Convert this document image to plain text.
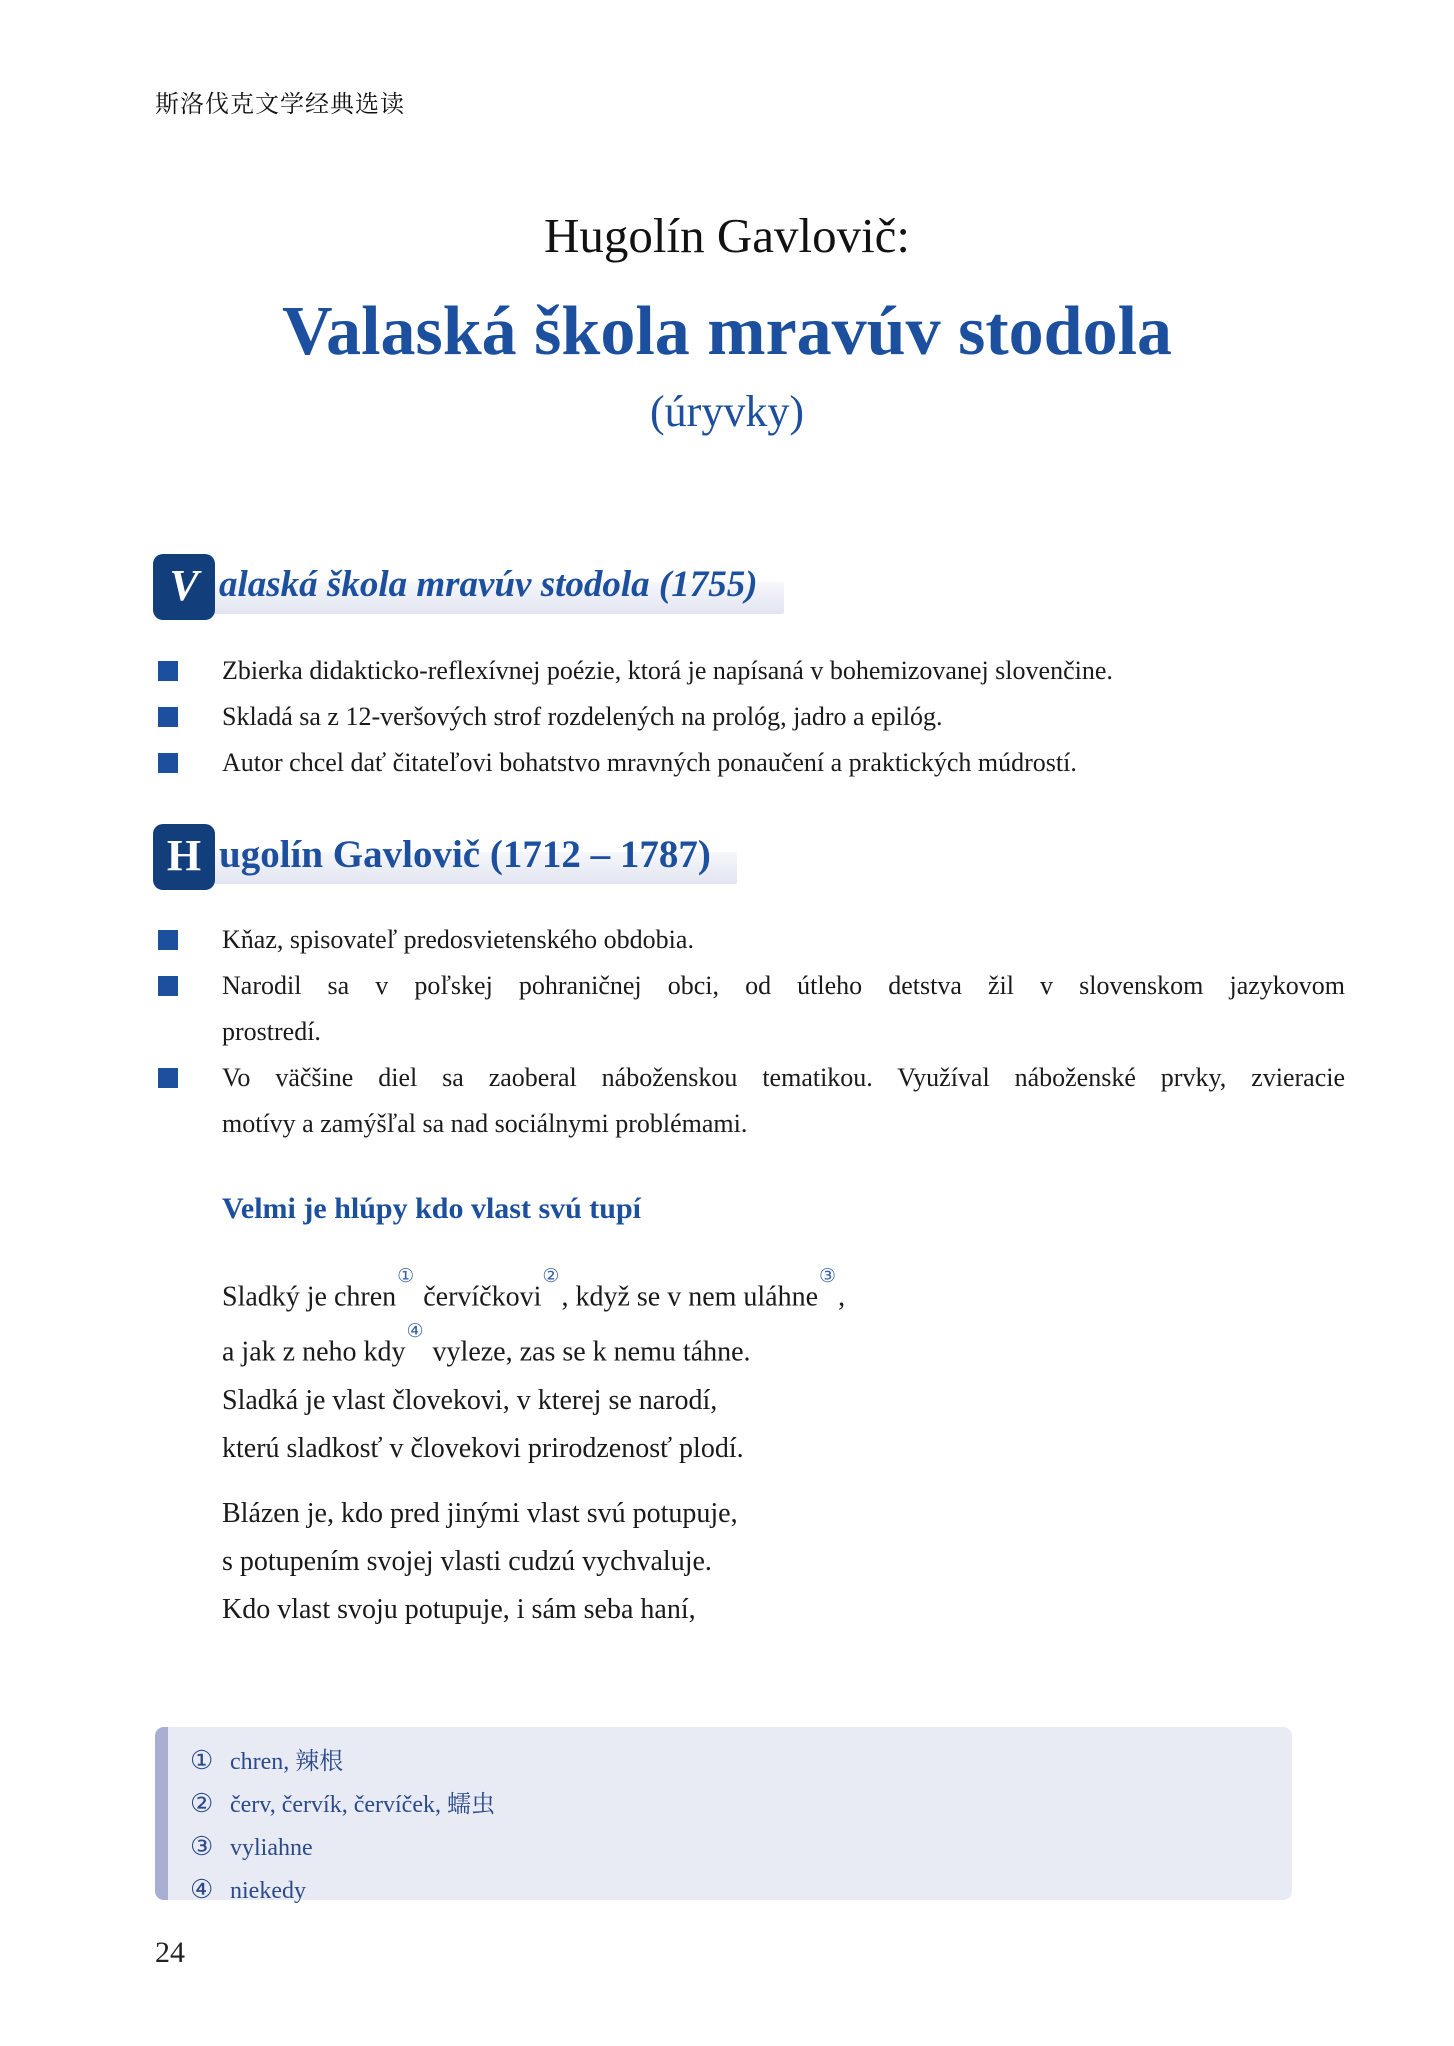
斯洛伐克文学经典选读
Hugolín Gavlovič:
Valaská škola mravúv stodola
(úryvky)
V alaská škola mravúv stodola (1755)
Zbierka didakticko-reflexívnej poézie, ktorá je napísaná v bohemizovanej slovenčine.
Skladá sa z 12-veršových strof rozdelených na prológ, jadro a epilóg.
Autor chcel dať čitateľovi bohatstvo mravných ponaučení a praktických múdrostí.
H ugolín Gavlovič (1712 – 1787)
Kňaz, spisovateľ predosvietenského obdobia.
Narodil sa v poľskej pohraničnej obci, od útleho detstva žil v slovenskom jazykovom
prostredí.
Vo väčšine diel sa zaoberal náboženskou tematikou. Využíval náboženské prvky, zvieracie
motívy a zamýšľal sa nad sociálnymi problémami.
Velmi je hlúpy kdo vlast svú tupí
Sladký je chren① červíčkovi②, když se v nem uláhne③,
a jak z neho kdy④ vyleze, zas se k nemu táhne.
Sladká je vlast človekovi, v kterej se narodí,
kterú sladkosť v človekovi prirodzenosť plodí.
Blázen je, kdo pred jinými vlast svú potupuje,
s potupením svojej vlasti cudzú vychvaluje.
Kdo vlast svoju potupuje, i sám seba haní,
① chren, 辣根
② červ, červík, červíček, 蠕虫
③ vyliahne
④ niekedy
24
